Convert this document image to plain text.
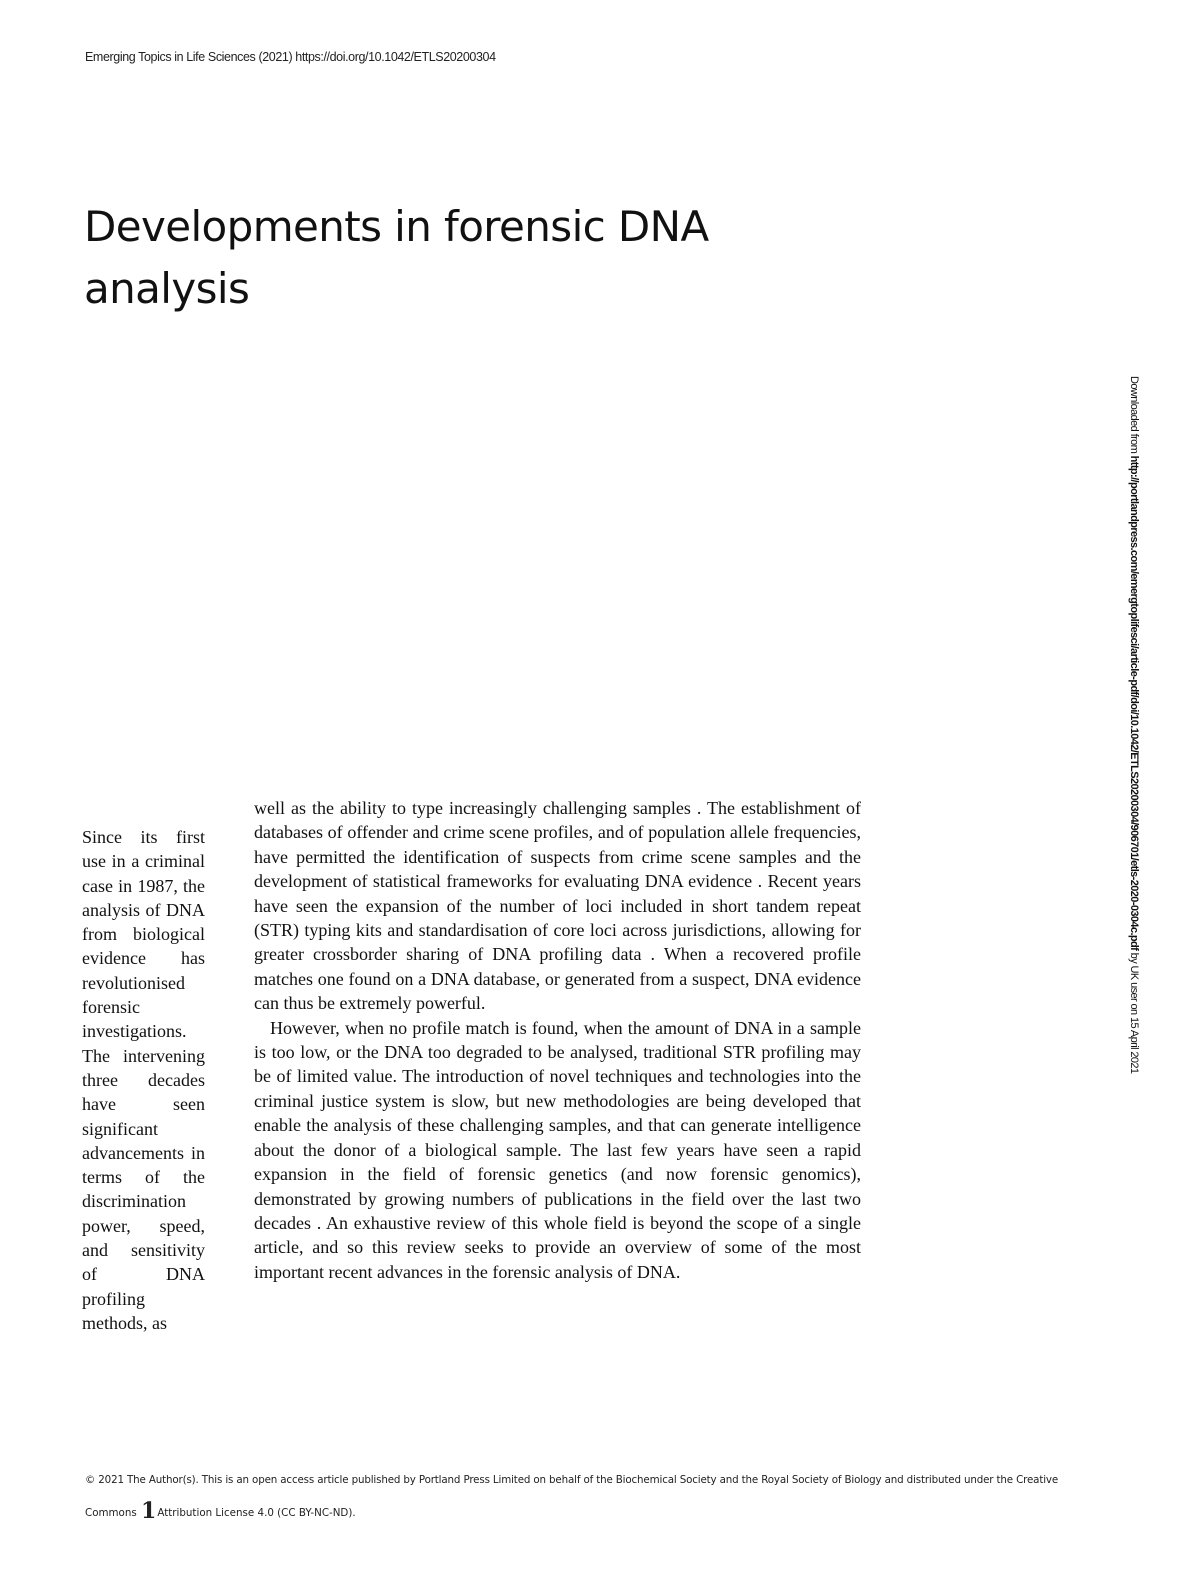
Emerging Topics in Life Sciences (2021) https://doi.org/10.1042/ETLS20200304
Developments in forensic DNA analysis
Downloaded from http://portlandpress.com/emergtoplifesci/article-pdf/doi/10.1042/ETLS20200304/906701/etls-2020-0304c.pdf by UK user on 15 April 2021

Since its first use in a criminal case in 1987, the analysis of DNA from biological evidence has revolutionised forensic investigations. The intervening three decades have seen significant advancements in terms of the discrimination power, speed, and sensitivity of DNA profiling methods, as

well as the ability to type increasingly challenging samples . The establishment of databases of offender and crime scene profiles, and of population allele frequencies, have permitted the identification of suspects from crime scene samples and the development of statistical frameworks for evaluating DNA evidence . Recent years have seen the expansion of the number of loci included in short tandem repeat (STR) typing kits and standardisation of core loci across jurisdictions, allowing for greater crossborder sharing of DNA profiling data . When a recovered profile matches one found on a DNA database, or generated from a suspect, DNA evidence can thus be extremely powerful.

However, when no profile match is found, when the amount of DNA in a sample is too low, or the DNA too degraded to be analysed, traditional STR profiling may be of limited value. The introduction of novel techniques and technologies into the criminal justice system is slow, but new methodologies are being developed that enable the analysis of these challenging samples, and that can generate intelligence about the donor of a biological sample. The last few years have seen a rapid expansion in the field of forensic genetics (and now forensic genomics), demonstrated by growing numbers of publications in the field over the last two decades . An exhaustive review of this whole field is beyond the scope of a single article, and so this review seeks to provide an overview of some of the most important recent advances in the forensic analysis of DNA.

© 2021 The Author(s). This is an open access article published by Portland Press Limited on behalf of the Biochemical Society and the Royal Society of Biology and distributed under the Creative
Commons 1Attribution License 4.0 (CC BY-NC-ND).
